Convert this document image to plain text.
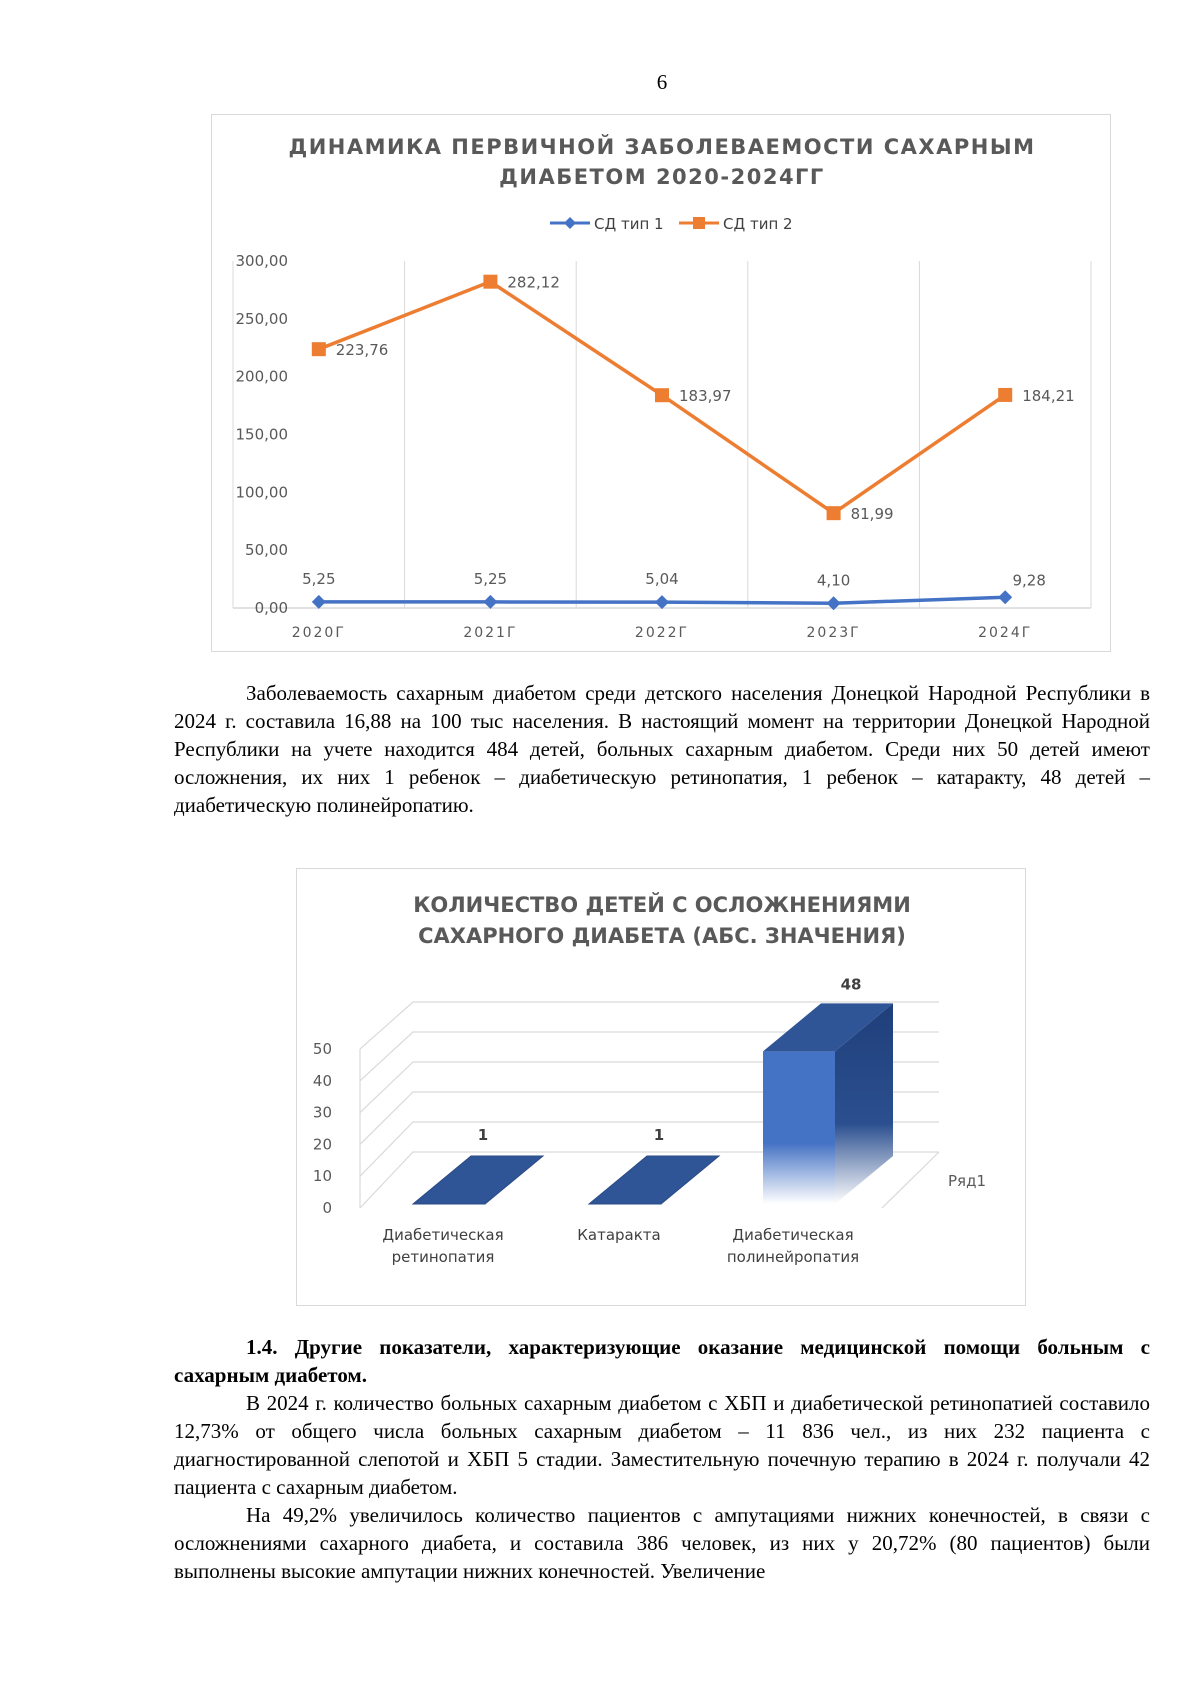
6
ДИНАМИКА ПЕРВИЧНОЙ ЗАБОЛЕВАЕМОСТИ САХАРНЫМ
ДИАБЕТОМ 2020-2024ГГ
СД тип 1	СД тип 2
0,00
50,00
100,00
150,00
200,00
250,00
300,00
2020Г	2021Г	2022Г	2023Г	2024Г
5,25	5,25	5,04	4,10	9,28
223,76
282,12
183,97
81,99
184,21

Заболеваемость сахарным диабетом среди детского населения Донецкой Народной Республики в 2024 г. составила 16,88 на 100 тыс населения. В настоящий момент на территории Донецкой Народной Республики на учете находится 484 детей, больных сахарным диабетом. Среди них 50 детей имеют осложнения, их них 1 ребенок – диабетическую ретинопатия, 1 ребенок – катаракту, 48 детей – диабетическую полинейропатию.

КОЛИЧЕСТВО ДЕТЕЙ С ОСЛОЖНЕНИЯМИ
САХАРНОГО ДИАБЕТА (АБС. ЗНАЧЕНИЯ)
0
10
20
30
40
50
1
Диабетическая
ретинопатия
1
Катаракта
48
Диабетическая
полинейропатия
Ряд1

1.4. Другие показатели, характеризующие оказание медицинской помощи больным с сахарным диабетом.

В 2024 г. количество больных сахарным диабетом с ХБП и диабетической ретинопатией составило 12,73% от общего числа больных сахарным диабетом – 11 836 чел., из них 232 пациента с диагностированной слепотой и ХБП 5 стадии. Заместительную почечную терапию в 2024 г. получали 42 пациента с сахарным диабетом.

На 49,2% увеличилось количество пациентов с ампутациями нижних конечностей, в связи с осложнениями сахарного диабета, и составила 386 человек, из них у 20,72% (80 пациентов) были выполнены высокие ампутации нижних конечностей. Увеличение
